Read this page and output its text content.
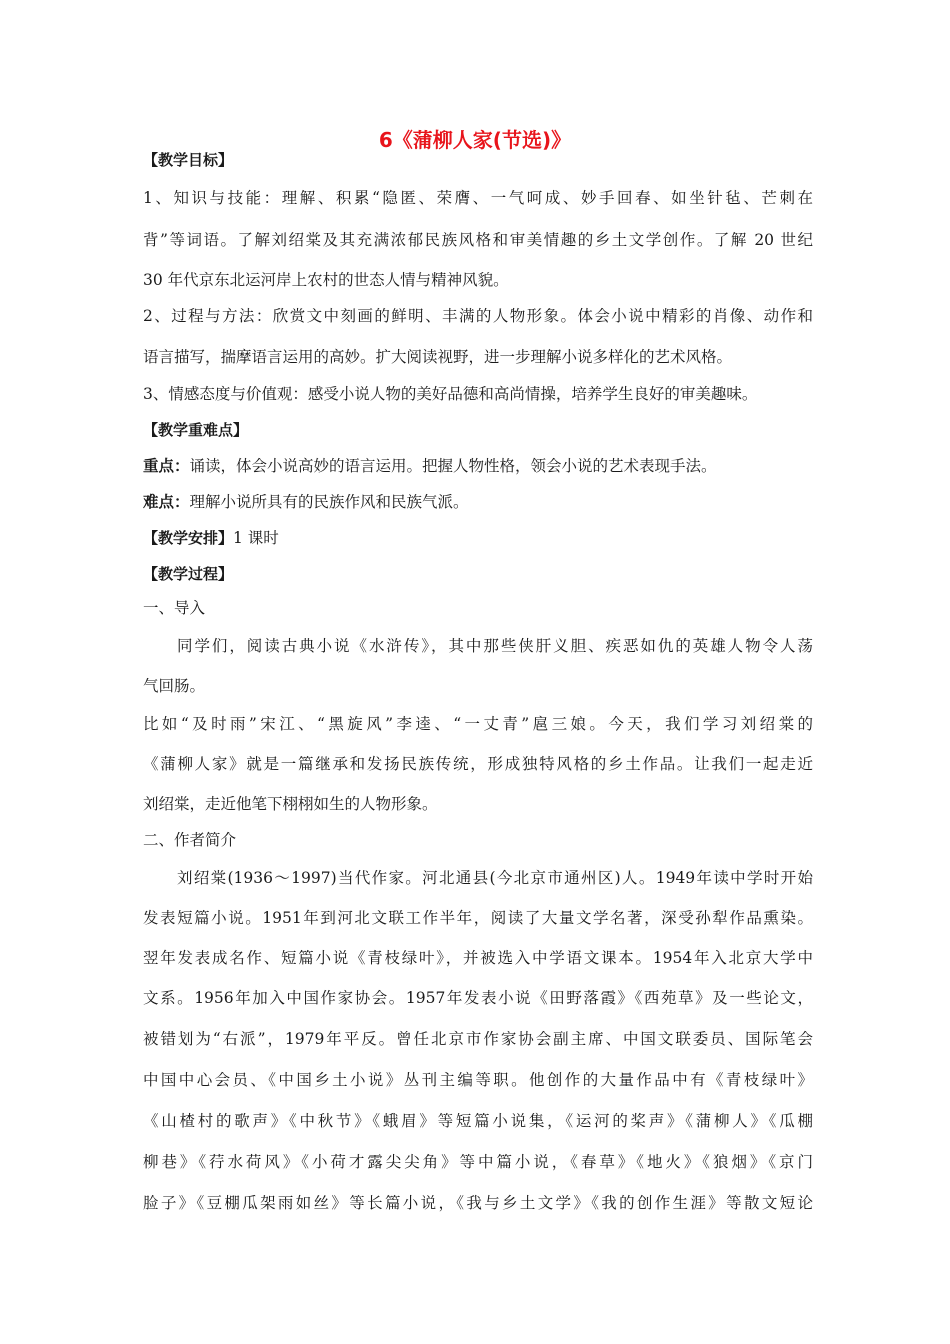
6《蒲柳人家(节选)》
【教学目标】
1、知识与技能：理解、积累“隐匿、荣膺、一气呵成、妙手回春、如坐针毡、芒刺在
背”等词语。了解刘绍棠及其充满浓郁民族风格和审美情趣的乡土文学创作。了解 20 世纪
30 年代京东北运河岸上农村的世态人情与精神风貌。
2、过程与方法：欣赏文中刻画的鲜明、丰满的人物形象。体会小说中精彩的肖像、动作和
语言描写，揣摩语言运用的高妙。扩大阅读视野，进一步理解小说多样化的艺术风格。
3、情感态度与价值观：感受小说人物的美好品德和高尚情操，培养学生良好的审美趣味。
【教学重难点】
重点：诵读，体会小说高妙的语言运用。把握人物性格，领会小说的艺术表现手法。
难点：理解小说所具有的民族作风和民族气派。
【教学安排】1 课时
【教学过程】
一、导入
同学们，阅读古典小说《水浒传》，其中那些侠肝义胆、疾恶如仇的英雄人物令人荡
气回肠。
比如“及时雨”宋江、“黑旋风”李逵、“一丈青”扈三娘。今天，我们学习刘绍棠的
《蒲柳人家》就是一篇继承和发扬民族传统，形成独特风格的乡土作品。让我们一起走近
刘绍棠，走近他笔下栩栩如生的人物形象。
二、作者简介
刘绍棠(1936～1997)当代作家。河北通县(今北京市通州区)人。1949年读中学时开始
发表短篇小说。1951年到河北文联工作半年，阅读了大量文学名著，深受孙犁作品熏染。
翌年发表成名作、短篇小说《青枝绿叶》，并被选入中学语文课本。1954年入北京大学中
文系。1956年加入中国作家协会。1957年发表小说《田野落霞》《西苑草》及一些论文，
被错划为“右派”，1979年平反。曾任北京市作家协会副主席、中国文联委员、国际笔会
中国中心会员、《中国乡土小说》丛刊主编等职。他创作的大量作品中有《青枝绿叶》
《山楂村的歌声》《中秋节》《蛾眉》等短篇小说集，《运河的桨声》《蒲柳人》《瓜棚
柳巷》《荇水荷风》《小荷才露尖尖角》等中篇小说，《春草》《地火》《狼烟》《京门
脸子》《豆棚瓜架雨如丝》等长篇小说，《我与乡土文学》《我的创作生涯》等散文短论
